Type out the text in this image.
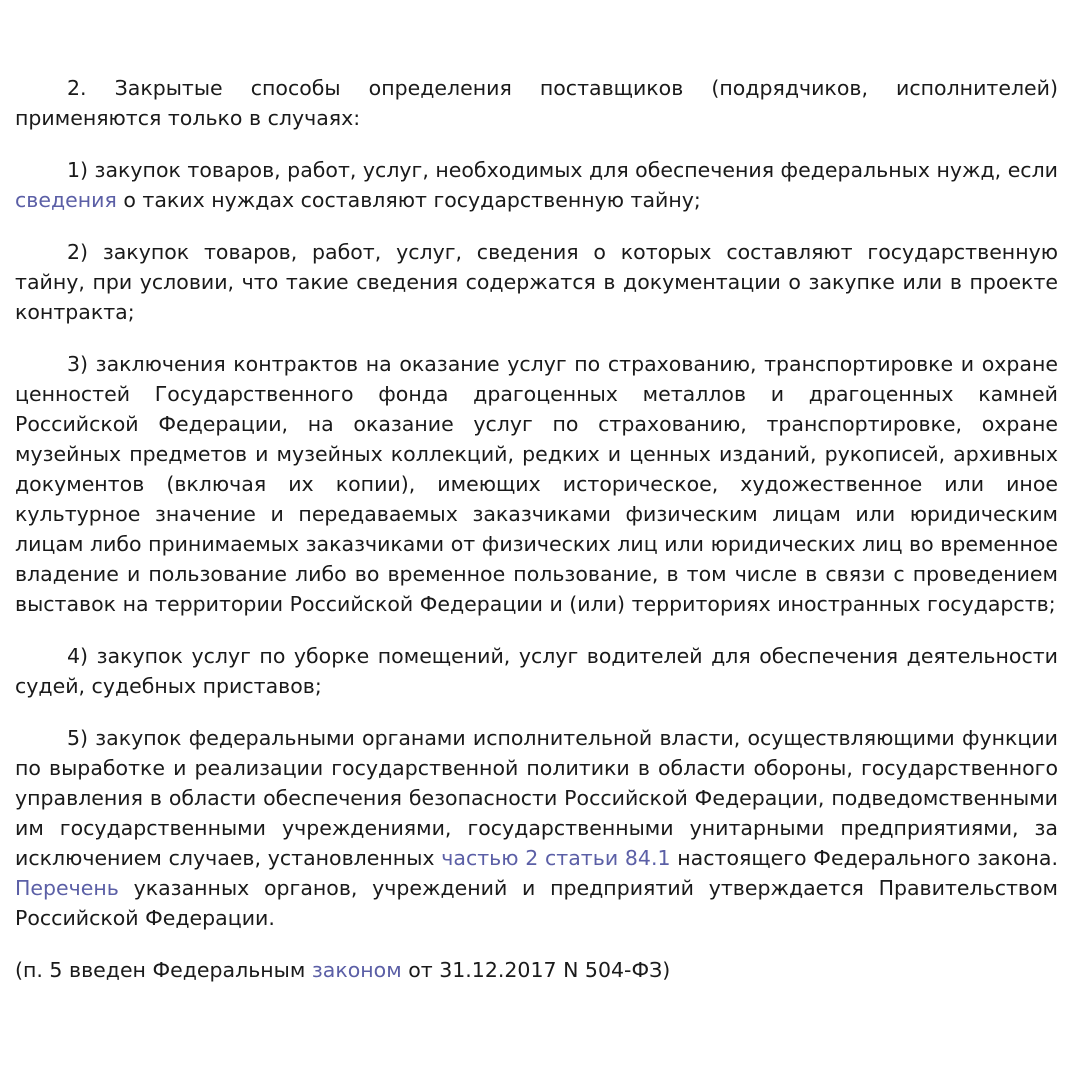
2. Закрытые способы определения поставщиков (подрядчиков, исполнителей) применяются только в случаях:

1) закупок товаров, работ, услуг, необходимых для обеспечения федеральных нужд, если сведения о таких нуждах составляют государственную тайну;

2) закупок товаров, работ, услуг, сведения о которых составляют государственную тайну, при условии, что такие сведения содержатся в документации о закупке или в проекте контракта;

3) заключения контрактов на оказание услуг по страхованию, транспортировке и охране ценностей Государственного фонда драгоценных металлов и драгоценных камней Российской Федерации, на оказание услуг по страхованию, транспортировке, охране музейных предметов и музейных коллекций, редких и ценных изданий, рукописей, архивных документов (включая их копии), имеющих историческое, художественное или иное культурное значение и передаваемых заказчиками физическим лицам или юридическим лицам либо принимаемых заказчиками от физических лиц или юридических лиц во временное владение и пользование либо во временное пользование, в том числе в связи с проведением выставок на территории Российской Федерации и (или) территориях иностранных государств;

4) закупок услуг по уборке помещений, услуг водителей для обеспечения деятельности судей, судебных приставов;

5) закупок федеральными органами исполнительной власти, осуществляющими функции по выработке и реализации государственной политики в области обороны, государственного управления в области обеспечения безопасности Российской Федерации, подведомственными им государственными учреждениями, государственными унитарными предприятиями, за исключением случаев, установленных частью 2 статьи 84.1 настоящего Федерального закона. Перечень указанных органов, учреждений и предприятий утверждается Правительством Российской Федерации.

(п. 5 введен Федеральным законом от 31.12.2017 N 504-ФЗ)
